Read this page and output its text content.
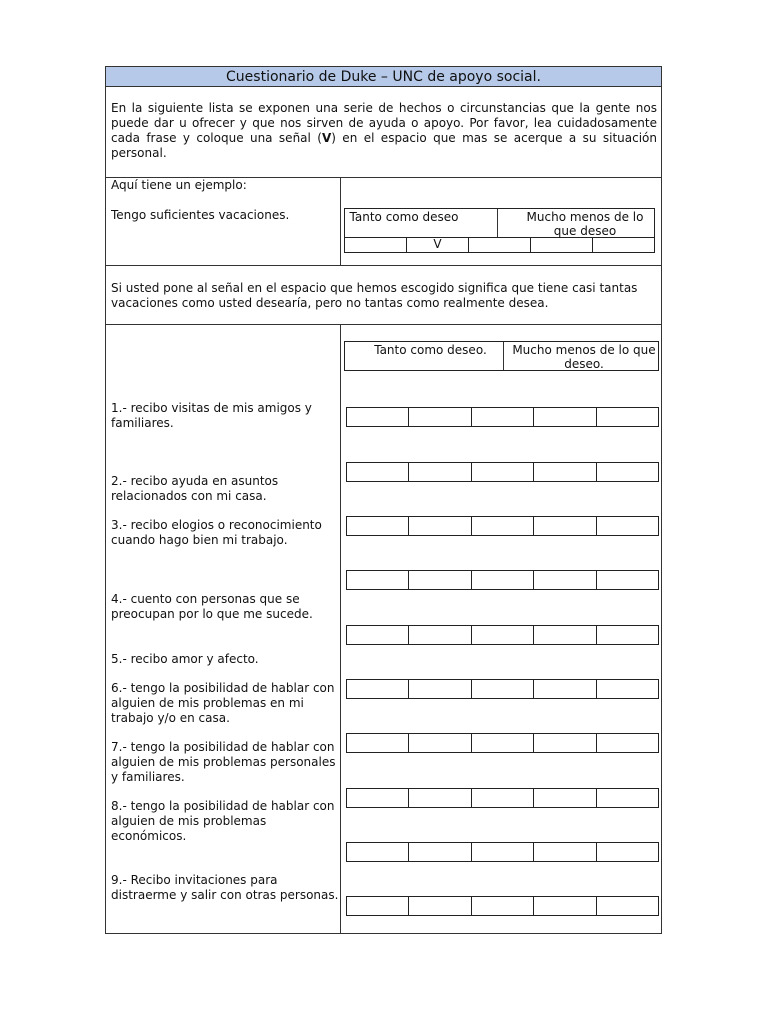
Cuestionario de Duke – UNC de apoyo social.
En la siguiente lista se exponen una serie de hechos o circunstancias que la gente nos puede dar u ofrecer y que nos sirven de ayuda o apoyo. Por favor, lea cuidadosamente cada frase y coloque una señal (V) en el espacio que mas se acerque a su situación personal.
Aquí tiene un ejemplo:
Tengo suficientes vacaciones.	Tanto como deseo	Mucho menos de lo que deseo
V
Si usted pone al señal en el espacio que hemos escogido significa que tiene casi tantas vacaciones como usted desearía, pero no tantas como realmente desea.
Tanto como deseo.	Mucho menos de lo que deseo.
1.- recibo visitas de mis amigos y familiares.
2.- recibo ayuda en asuntos relacionados con mi casa.
3.- recibo elogios o reconocimiento cuando hago bien mi trabajo.
4.- cuento con personas que se preocupan por lo que me sucede.
5.- recibo amor y afecto.
6.- tengo la posibilidad de hablar con alguien de mis problemas en mi trabajo y/o en casa.
7.- tengo la posibilidad de hablar con alguien de mis problemas personales y familiares.
8.- tengo la posibilidad de hablar con alguien de mis problemas económicos.
9.- Recibo invitaciones para distraerme y salir con otras personas.
